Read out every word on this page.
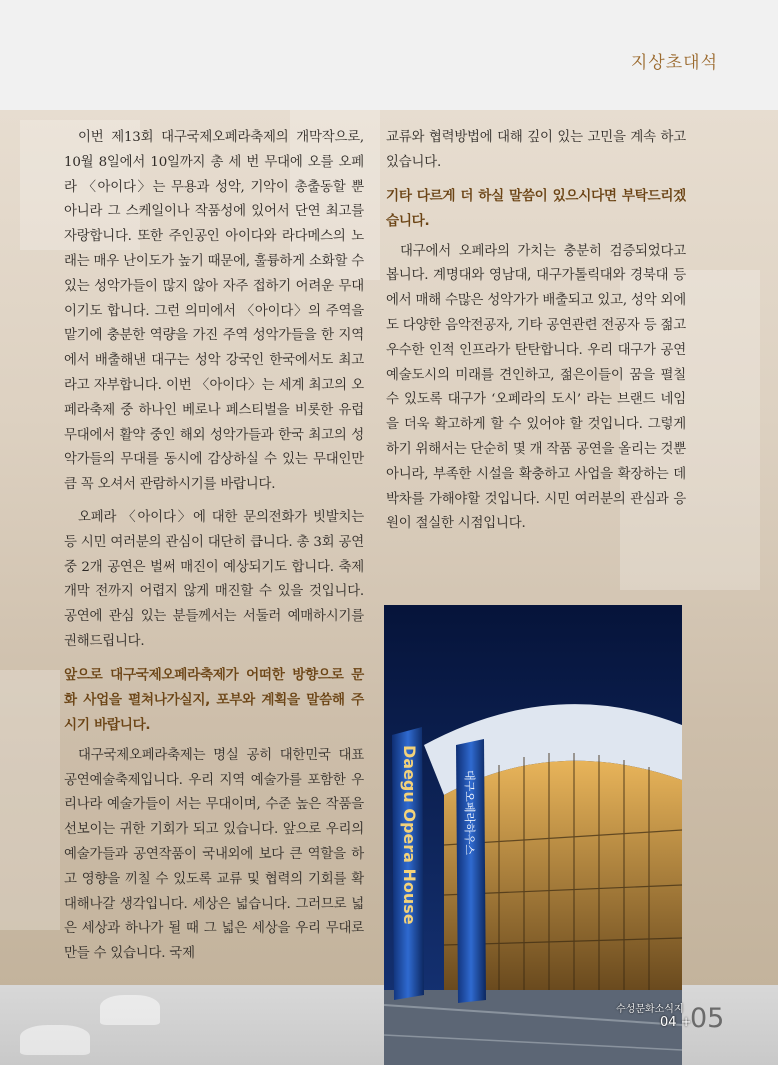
지상초대석

이번 제13회 대구국제오페라축제의 개막작으로, 10월 8일에서 10일까지 총 세 번 무대에 오를 오페라 〈아이다〉는 무용과 성악, 기악이 총출동할 뿐 아니라 그 스케일이나 작품성에 있어서 단연 최고를 자랑합니다. 또한 주인공인 아이다와 라다메스의 노래는 매우 난이도가 높기 때문에, 훌륭하게 소화할 수 있는 성악가들이 많지 않아 자주 접하기 어려운 무대이기도 합니다. 그런 의미에서 〈아이다〉의 주역을 맡기에 충분한 역량을 가진 주역 성악가들을 한 지역에서 배출해낸 대구는 성악 강국인 한국에서도 최고라고 자부합니다. 이번 〈아이다〉는 세계 최고의 오페라축제 중 하나인 베로나 페스티벌을 비롯한 유럽 무대에서 활약 중인 해외 성악가들과 한국 최고의 성악가들의 무대를 동시에 감상하실 수 있는 무대인만큼 꼭 오셔서 관람하시기를 바랍니다.

오페라 〈아이다〉에 대한 문의전화가 빗발치는 등 시민 여러분의 관심이 대단히 큽니다. 총 3회 공연 중 2개 공연은 벌써 매진이 예상되기도 합니다. 축제 개막 전까지 어렵지 않게 매진할 수 있을 것입니다. 공연에 관심 있는 분들께서는 서둘러 예매하시기를 권해드립니다.

앞으로 대구국제오페라축제가 어떠한 방향으로 문화 사업을 펼쳐나가실지, 포부와 계획을 말씀해 주시기 바랍니다.

대구국제오페라축제는 명실 공히 대한민국 대표 공연예술축제입니다. 우리 지역 예술가를 포함한 우리나라 예술가들이 서는 무대이며, 수준 높은 작품을 선보이는 귀한 기회가 되고 있습니다. 앞으로 우리의 예술가들과 공연작품이 국내외에 보다 큰 역할을 하고 영향을 끼칠 수 있도록 교류 및 협력의 기회를 확대해나갈 생각입니다. 세상은 넓습니다. 그러므로 넓은 세상과 하나가 될 때 그 넓은 세상을 우리 무대로 만들 수 있습니다. 국제

교류와 협력방법에 대해 깊이 있는 고민을 계속 하고 있습니다.

기타 다르게 더 하실 말씀이 있으시다면 부탁드리겠습니다.

대구에서 오페라의 가치는 충분히 검증되었다고 봅니다. 계명대와 영남대, 대구가톨릭대와 경북대 등에서 매해 수많은 성악가가 배출되고 있고, 성악 외에도 다양한 음악전공자, 기타 공연관련 전공자 등 젊고 우수한 인적 인프라가 탄탄합니다. 우리 대구가 공연예술도시의 미래를 견인하고, 젊은이들이 꿈을 펼칠 수 있도록 대구가 ‘오페라의 도시’ 라는 브랜드 네임을 더욱 확고하게 할 수 있어야 할 것입니다. 그렇게 하기 위해서는 단순히 몇 개 작품 공연을 올리는 것뿐 아니라, 부족한 시설을 확충하고 사업을 확장하는 데 박차를 가해야할 것입니다. 시민 여러분의 관심과 응원이 절실한 시점입니다.

Daegu Opera House	대구오페라하우스
수성문화소식지
04 +
05
